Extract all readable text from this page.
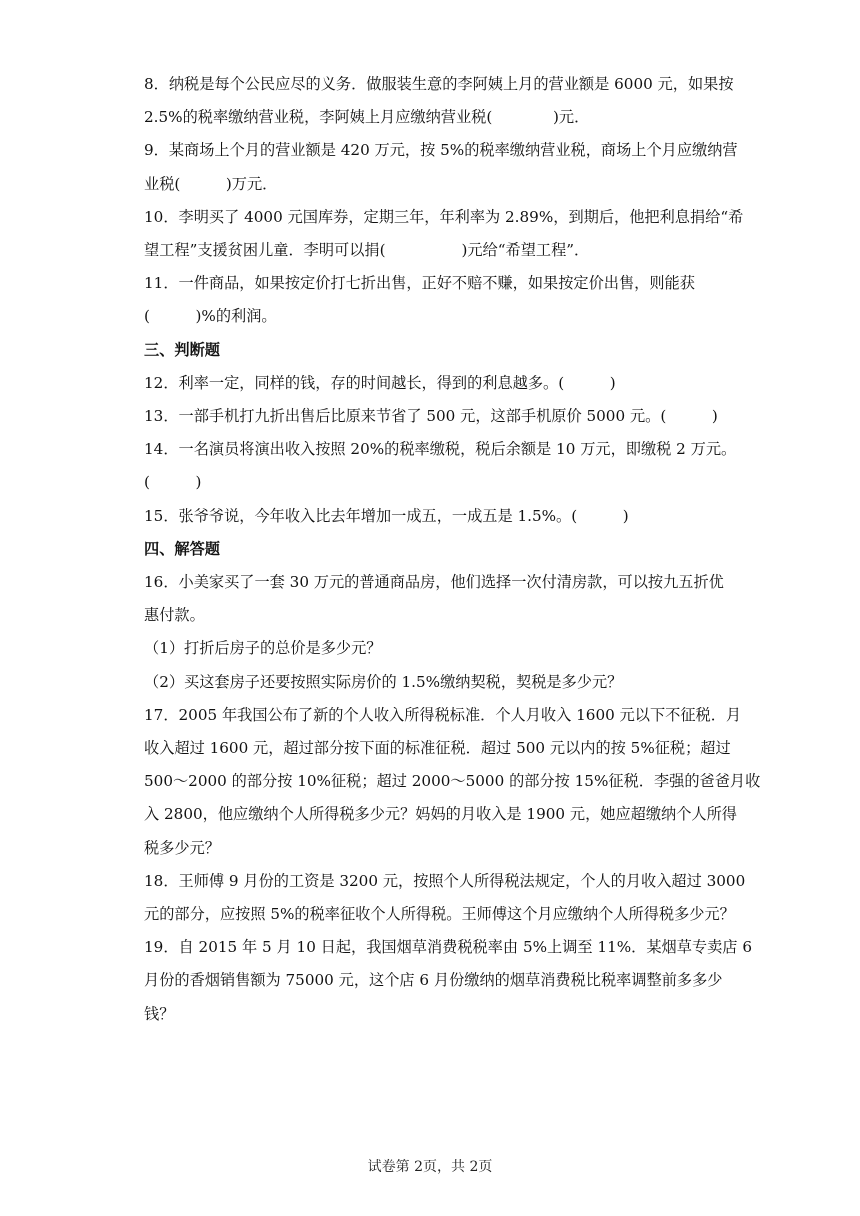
8．纳税是每个公民应尽的义务．做服装生意的李阿姨上月的营业额是 6000 元，如果按
2.5%的税率缴纳营业税，李阿姨上月应缴纳营业税(　　　　)元．
9．某商场上个月的营业额是 420 万元，按 5%的税率缴纳营业税，商场上个月应缴纳营
业税(　　　)万元．
10．李明买了 4000 元国库券，定期三年，年利率为 2.89%，到期后，他把利息捐给“希
望工程”支援贫困儿童．李明可以捐(　　　　　)元给“希望工程”．
11．一件商品，如果按定价打七折出售，正好不赔不赚，如果按定价出售，则能获
(　　　)%的利润。
三、判断题
12．利率一定，同样的钱，存的时间越长，得到的利息越多。(　　　)
13．一部手机打九折出售后比原来节省了 500 元，这部手机原价 5000 元。(　　　)
14．一名演员将演出收入按照 20%的税率缴税，税后余额是 10 万元，即缴税 2 万元。
(　　　)
15．张爷爷说，今年收入比去年增加一成五，一成五是 1.5%。(　　　)
四、解答题
16．小美家买了一套 30 万元的普通商品房，他们选择一次付清房款，可以按九五折优
惠付款。
（1）打折后房子的总价是多少元？
（2）买这套房子还要按照实际房价的 1.5%缴纳契税，契税是多少元？
17．2005 年我国公布了新的个人收入所得税标准．个人月收入 1600 元以下不征税．月
收入超过 1600 元，超过部分按下面的标准征税．超过 500 元以内的按 5%征税；超过
500～2000 的部分按 10%征税；超过 2000～5000 的部分按 15%征税．李强的爸爸月收
入 2800，他应缴纳个人所得税多少元？妈妈的月收入是 1900 元，她应超缴纳个人所得
税多少元？
18．王师傅 9 月份的工资是 3200 元，按照个人所得税法规定，个人的月收入超过 3000
元的部分，应按照 5%的税率征收个人所得税。王师傅这个月应缴纳个人所得税多少元？
19．自 2015 年 5 月 10 日起，我国烟草消费税税率由 5%上调至 11%．某烟草专卖店 6
月份的香烟销售额为 75000 元，这个店 6 月份缴纳的烟草消费税比税率调整前多多少
钱？
试卷第 2页，共 2页
